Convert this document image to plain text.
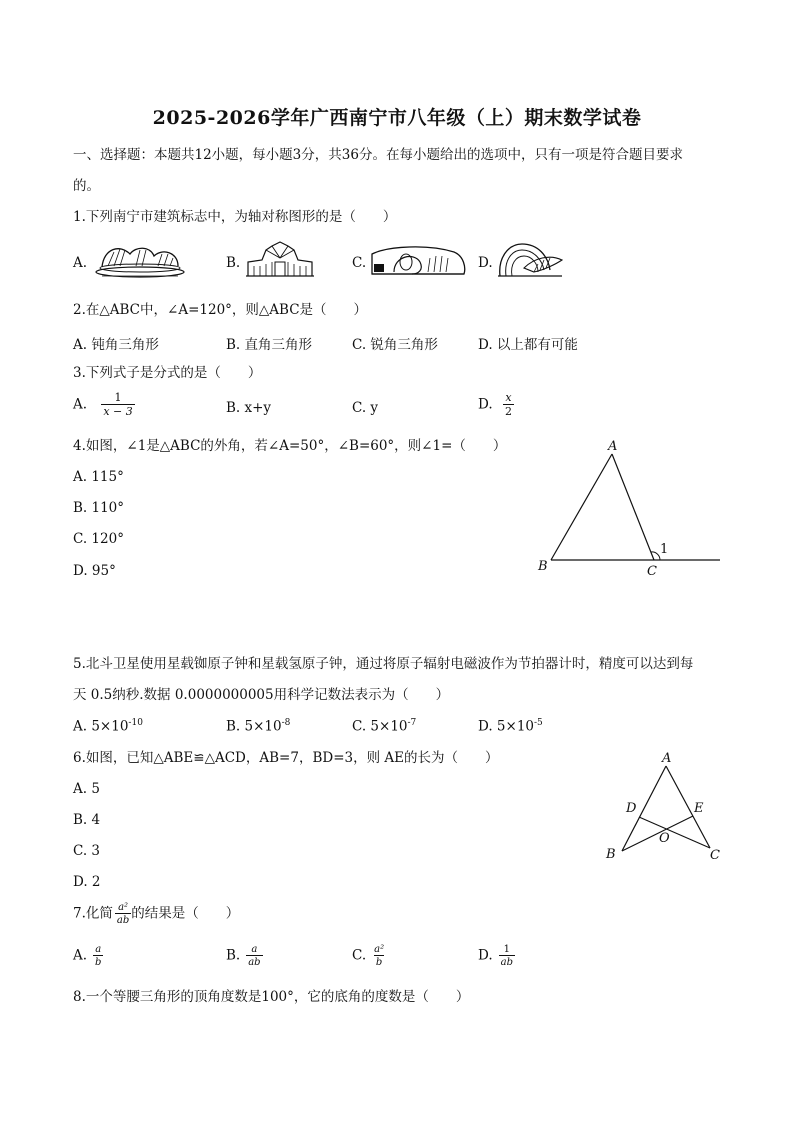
2025-2026学年广西南宁市八年级（上）期末数学试卷
一、选择题：本题共12小题，每小题3分，共36分。在每小题给出的选项中，只有一项是符合题目要求
的。
1.下列南宁市建筑标志中，为轴对称图形的是（　　）
A.	B.	C.	D.
2.在△ABC中，∠A=120°，则△ABC是（　　）
A. 钝角三角形	B. 直角三角形	C. 锐角三角形	D. 以上都有可能
3.下列式子是分式的是（　　）
A. $\frac{1}{x - 3}$	B. x+y	C. y	D. $\frac{x}{2}$
4.如图，∠1是△ABC的外角，若∠A=50°，∠B=60°，则∠1=（　　）
A. 115°
B. 110°
C. 120°
D. 95°
A
B	C
1
5.北斗卫星使用星载铷原子钟和星载氢原子钟，通过将原子辐射电磁波作为节拍器计时，精度可以达到每
天 0.5纳秒.数据 0.0000000005用科学记数法表示为（　　）
A. $5\times 10^{-10}$	B. $5\times 10^{-8}$	C. $5\times 10^{-7}$	D. $5\times 10^{-5}$
6.如图，已知△ABE≌△ACD，AB=7，BD=3，则 AE的长为（　　）
A. 5
B. 4
C. 3
D. 2
A
B	C
D	E
O
7.化简 $\frac{\text{a²}}{ab}$ 的结果是（　　）
A. $\frac{a}{b}$	B. $\frac{a}{ab}$	C. $\frac{\text{a²}}{b}$	D. $\frac{1}{ab}$
8.一个等腰三角形的顶角度数是100°，它的底角的度数是（　　）
